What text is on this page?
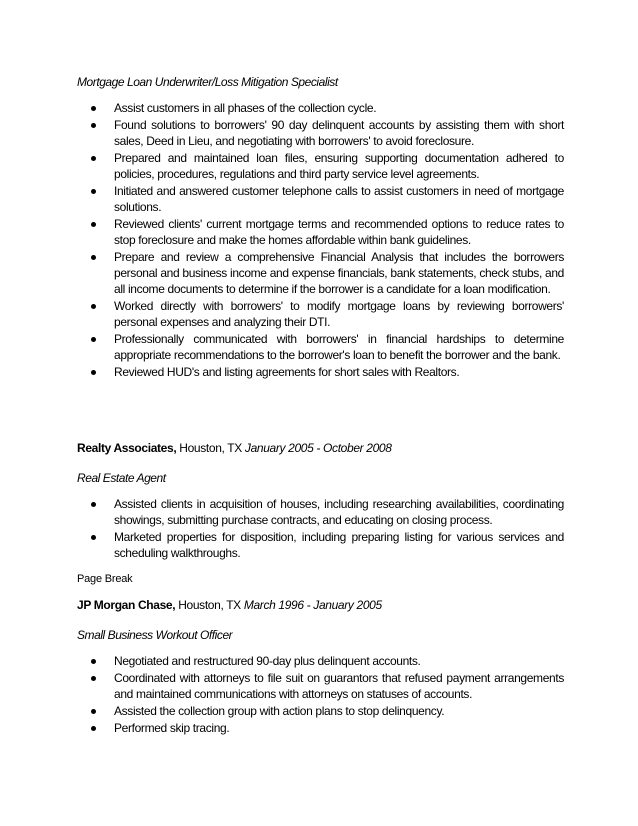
Mortgage Loan Underwriter/Loss Mitigation Specialist

Assist customers in all phases of the collection cycle.
Found solutions to borrowers' 90 day delinquent accounts by assisting them with short sales, Deed in Lieu, and negotiating with borrowers' to avoid foreclosure.
Prepared and maintained loan files, ensuring supporting documentation adhered to policies, procedures, regulations and third party service level agreements.
Initiated and answered customer telephone calls to assist customers in need of mortgage solutions.
Reviewed clients' current mortgage terms and recommended options to reduce rates to stop foreclosure and make the homes affordable within bank guidelines.
Prepare and review a comprehensive Financial Analysis that includes the borrowers personal and business income and expense financials, bank statements, check stubs, and all income documents to determine if the borrower is a candidate for a loan modification.
Worked directly with borrowers' to modify mortgage loans by reviewing borrowers' personal expenses and analyzing their DTI.
Professionally communicated with borrowers' in financial hardships to determine appropriate recommendations to the borrower's loan to benefit the borrower and the bank.
Reviewed HUD's and listing agreements for short sales with Realtors.

Realty Associates, Houston, TX January 2005 - October 2008

Real Estate Agent

Assisted clients in acquisition of houses, including researching availabilities, coordinating showings, submitting purchase contracts, and educating on closing process.
Marketed properties for disposition, including preparing listing for various services and scheduling walkthroughs.

Page Break

JP Morgan Chase, Houston, TX March 1996 - January 2005

Small Business Workout Officer

Negotiated and restructured 90-day plus delinquent accounts.
Coordinated with attorneys to file suit on guarantors that refused payment arrangements and maintained communications with attorneys on statuses of accounts.
Assisted the collection group with action plans to stop delinquency.
Performed skip tracing.
